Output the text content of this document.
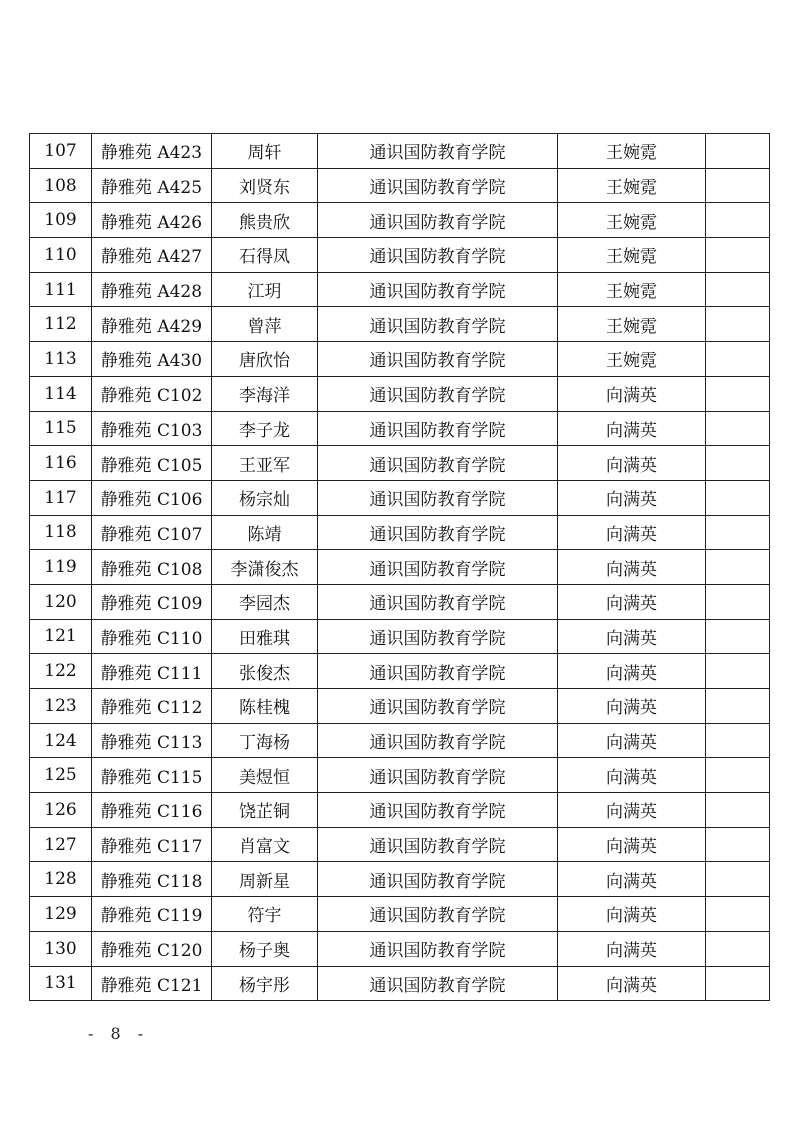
107	静雅苑 A423	周轩	通识国防教育学院	王婉霓	
108	静雅苑 A425	刘贤东	通识国防教育学院	王婉霓	
109	静雅苑 A426	熊贵欣	通识国防教育学院	王婉霓	
110	静雅苑 A427	石得凤	通识国防教育学院	王婉霓	
111	静雅苑 A428	江玥	通识国防教育学院	王婉霓	
112	静雅苑 A429	曾萍	通识国防教育学院	王婉霓	
113	静雅苑 A430	唐欣怡	通识国防教育学院	王婉霓	
114	静雅苑 C102	李海洋	通识国防教育学院	向满英	
115	静雅苑 C103	李子龙	通识国防教育学院	向满英	
116	静雅苑 C105	王亚军	通识国防教育学院	向满英	
117	静雅苑 C106	杨宗灿	通识国防教育学院	向满英	
118	静雅苑 C107	陈靖	通识国防教育学院	向满英	
119	静雅苑 C108	李潇俊杰	通识国防教育学院	向满英	
120	静雅苑 C109	李园杰	通识国防教育学院	向满英	
121	静雅苑 C110	田雅琪	通识国防教育学院	向满英	
122	静雅苑 C111	张俊杰	通识国防教育学院	向满英	
123	静雅苑 C112	陈桂槐	通识国防教育学院	向满英	
124	静雅苑 C113	丁海杨	通识国防教育学院	向满英	
125	静雅苑 C115	美煜恒	通识国防教育学院	向满英	
126	静雅苑 C116	饶芷铜	通识国防教育学院	向满英	
127	静雅苑 C117	肖富文	通识国防教育学院	向满英	
128	静雅苑 C118	周新星	通识国防教育学院	向满英	
129	静雅苑 C119	符宇	通识国防教育学院	向满英	
130	静雅苑 C120	杨子奥	通识国防教育学院	向满英	
131	静雅苑 C121	杨宇彤	通识国防教育学院	向满英	
- 8 -
